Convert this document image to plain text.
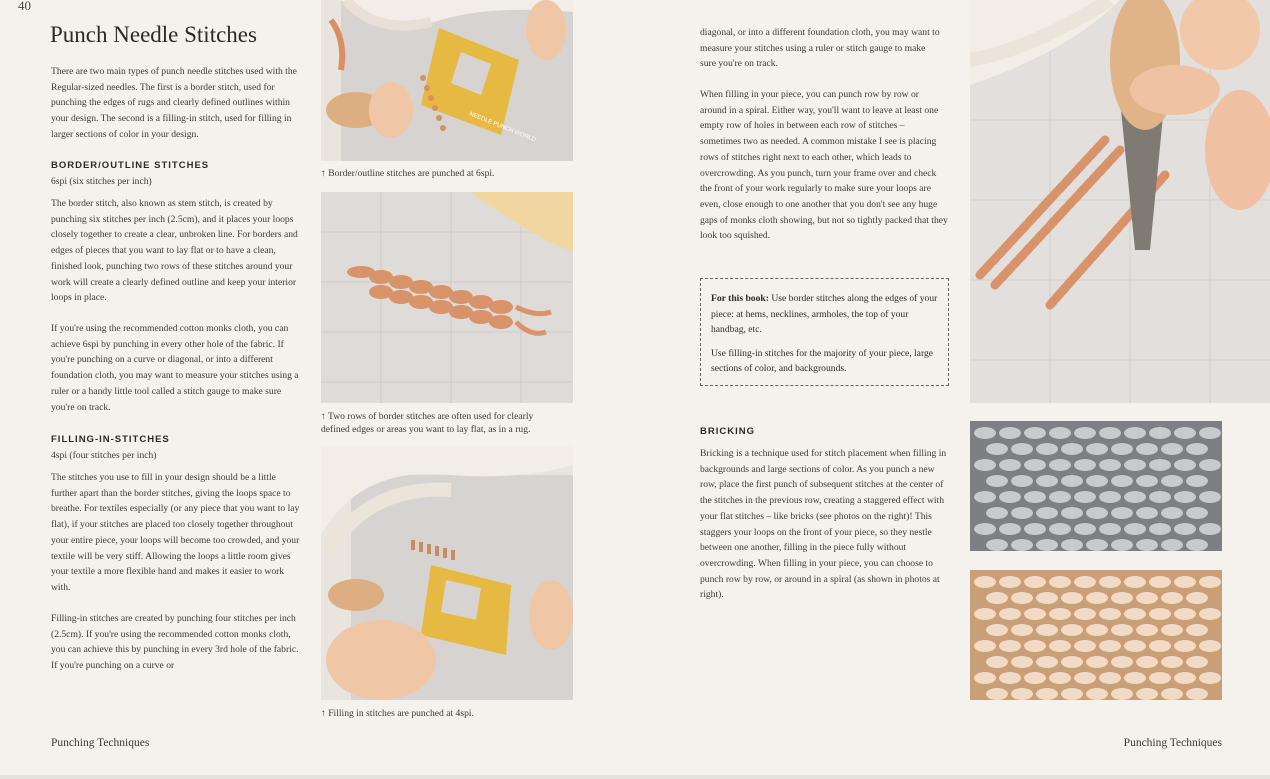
40
Punch Needle Stitches

There are two main types of punch needle stitches used with the Regular-sized needles. The first is a border stitch, used for punching the edges of rugs and clearly defined outlines within your design. The second is a filling-in stitch, used for filling in larger sections of color in your design.

BORDER/OUTLINE STITCHES

6spi (six stitches per inch)

The border stitch, also known as stem stitch, is created by punching six stitches per inch (2.5cm), and it places your loops closely together to create a clear, unbroken line. For borders and edges of pieces that you want to lay flat or to have a clean, finished look, punching two rows of these stitches around your work will create a clearly defined outline and keep your interior loops in place.

If you're using the recommended cotton monks cloth, you can achieve 6spi by punching in every other hole of the fabric. If you're punching on a curve or diagonal, or into a different foundation cloth, you may want to measure your stitches using a ruler or a handy little tool called a stitch gauge to make sure you're on track.

FILLING-IN-STITCHES

4spi (four stitches per inch)

The stitches you use to fill in your design should be a little further apart than the border stitches, giving the loops space to breathe. For textiles especially (or any piece that you want to lay flat), if your stitches are placed too closely together throughout your entire piece, your loops will become too crowded, and your textile will be very stiff. Allowing the loops a little room gives your textile a more flexible hand and makes it easier to work with.

Filling-in stitches are created by punching four stitches per inch (2.5cm). If you're using the recommended cotton monks cloth, you can achieve this by punching in every 3rd hole of the fabric. If you're punching on a curve or

NEEDLE PUNCH WORLD

↑ Border/outline stitches are punched at 6spi.

↑ Two rows of border stitches are often used for clearly defined edges or areas you want to lay flat, as in a rug.

↑ Filling in stitches are punched at 4spi.

diagonal, or into a different foundation cloth, you may want to measure your stitches using a ruler or stitch gauge to make sure you're on track.

When filling in your piece, you can punch row by row or around in a spiral. Either way, you'll want to leave at least one empty row of holes in between each row of stitches – sometimes two as needed. A common mistake I see is placing rows of stitches right next to each other, which leads to overcrowding. As you punch, turn your frame over and check the front of your work regularly to make sure your loops are even, close enough to one another that you don't see any huge gaps of monks cloth showing, but not so tightly packed that they look too squished.

For this book: Use border stitches along the edges of your piece: at hems, necklines, armholes, the top of your handbag, etc.

Use filling-in stitches for the majority of your piece, large sections of color, and backgrounds.

BRICKING

Bricking is a technique used for stitch placement when filling in backgrounds and large sections of color. As you punch a new row, place the first punch of subsequent stitches at the center of the stitches in the previous row, creating a staggered effect with your flat stitches – like bricks (see photos on the right)! This staggers your loops on the front of your piece, so they nestle between one another, filling in the piece fully without overcrowding. When filling in your piece, you can choose to punch row by row, or around in a spiral (as shown in photos at right).

Punching Techniques	Punching Techniques
